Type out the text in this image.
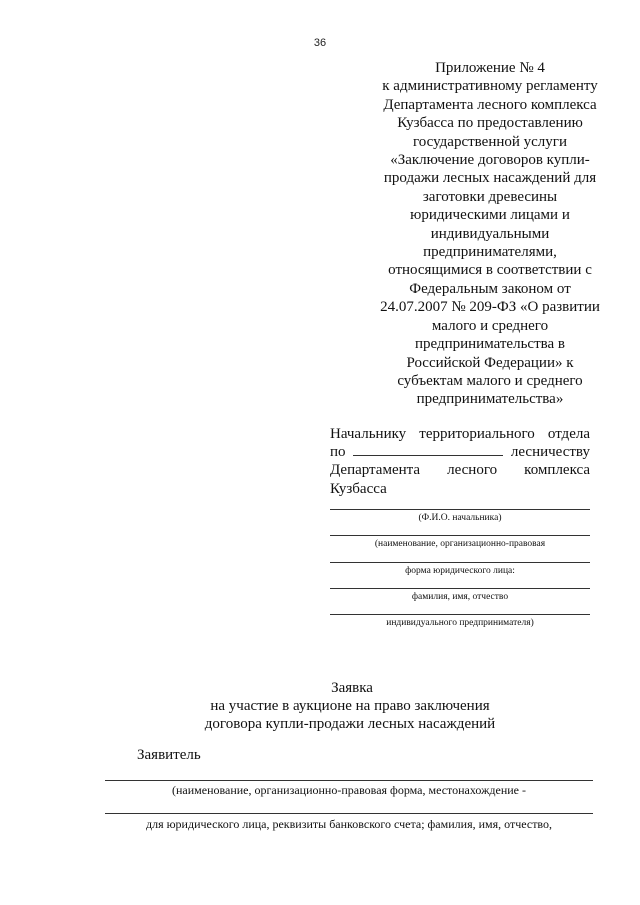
36
Приложение № 4
к административному регламенту
Департамента лесного комплекса
Кузбасса по предоставлению
государственной услуги
«Заключение договоров купли-
продажи лесных насаждений для
заготовки древесины
юридическими лицами и
индивидуальными
предпринимателями,
относящимися в соответствии с
Федеральным законом от
24.07.2007 № 209-ФЗ «О развитии
малого и среднего
предпринимательства в
Российской Федерации» к
субъектам малого и среднего
предпринимательства»
Начальнику территориального отдела
по	лесничеству
Департамента лесного комплекса
Кузбасса
(Ф.И.О. начальника)
(наименование, организационно-правовая
форма юридического лица:
фамилия, имя, отчество
индивидуального предпринимателя)
Заявка
на участие в аукционе на право заключения
договора купли-продажи лесных насаждений
Заявитель
(наименование, организационно-правовая форма, местонахождение -
для юридического лица, реквизиты банковского счета; фамилия, имя, отчество,
